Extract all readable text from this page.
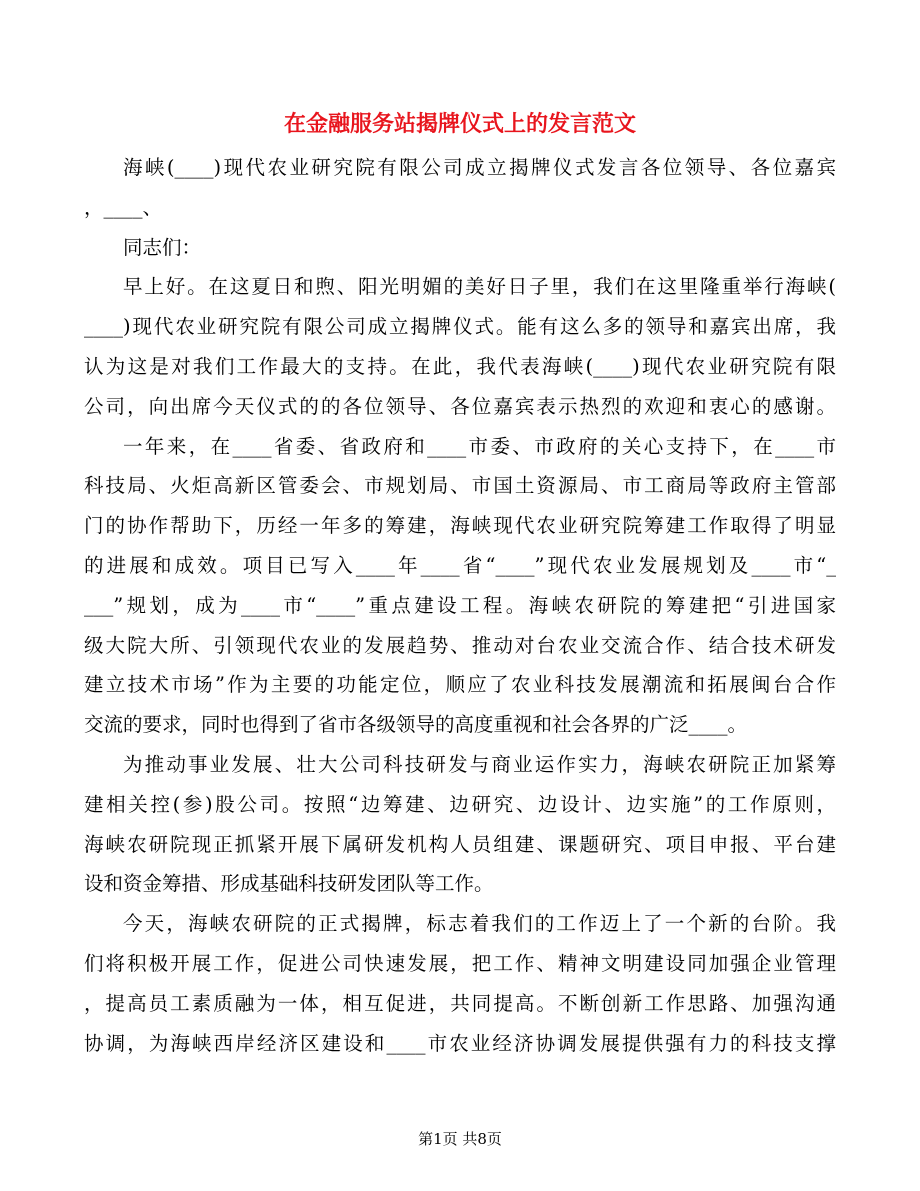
在金融服务站揭牌仪式上的发言范文
海峡(____)现代农业研究院有限公司成立揭牌仪式发言各位领导、各位嘉宾
，____、
同志们：
早上好。在这夏日和煦、阳光明媚的美好日子里，我们在这里隆重举行海峡(
____)现代农业研究院有限公司成立揭牌仪式。能有这么多的领导和嘉宾出席，我
认为这是对我们工作最大的支持。在此，我代表海峡(____)现代农业研究院有限
公司，向出席今天仪式的的各位领导、各位嘉宾表示热烈的欢迎和衷心的感谢。
一年来，在____省委、省政府和____市委、市政府的关心支持下，在____市
科技局、火炬高新区管委会、市规划局、市国土资源局、市工商局等政府主管部
门的协作帮助下，历经一年多的筹建，海峡现代农业研究院筹建工作取得了明显
的进展和成效。项目已写入____年____省“____”现代农业发展规划及____市“_
___”规划，成为____市“____”重点建设工程。海峡农研院的筹建把“引进国家
级大院大所、引领现代农业的发展趋势、推动对台农业交流合作、结合技术研发
建立技术市场”作为主要的功能定位，顺应了农业科技发展潮流和拓展闽台合作
交流的要求，同时也得到了省市各级领导的高度重视和社会各界的广泛____。
为推动事业发展、壮大公司科技研发与商业运作实力，海峡农研院正加紧筹
建相关控(参)股公司。按照“边筹建、边研究、边设计、边实施”的工作原则，
海峡农研院现正抓紧开展下属研发机构人员组建、课题研究、项目申报、平台建
设和资金筹措、形成基础科技研发团队等工作。
今天，海峡农研院的正式揭牌，标志着我们的工作迈上了一个新的台阶。我
们将积极开展工作，促进公司快速发展，把工作、精神文明建设同加强企业管理
，提高员工素质融为一体，相互促进，共同提高。不断创新工作思路、加强沟通
协调，为海峡西岸经济区建设和____市农业经济协调发展提供强有力的科技支撑
第1页 共8页
